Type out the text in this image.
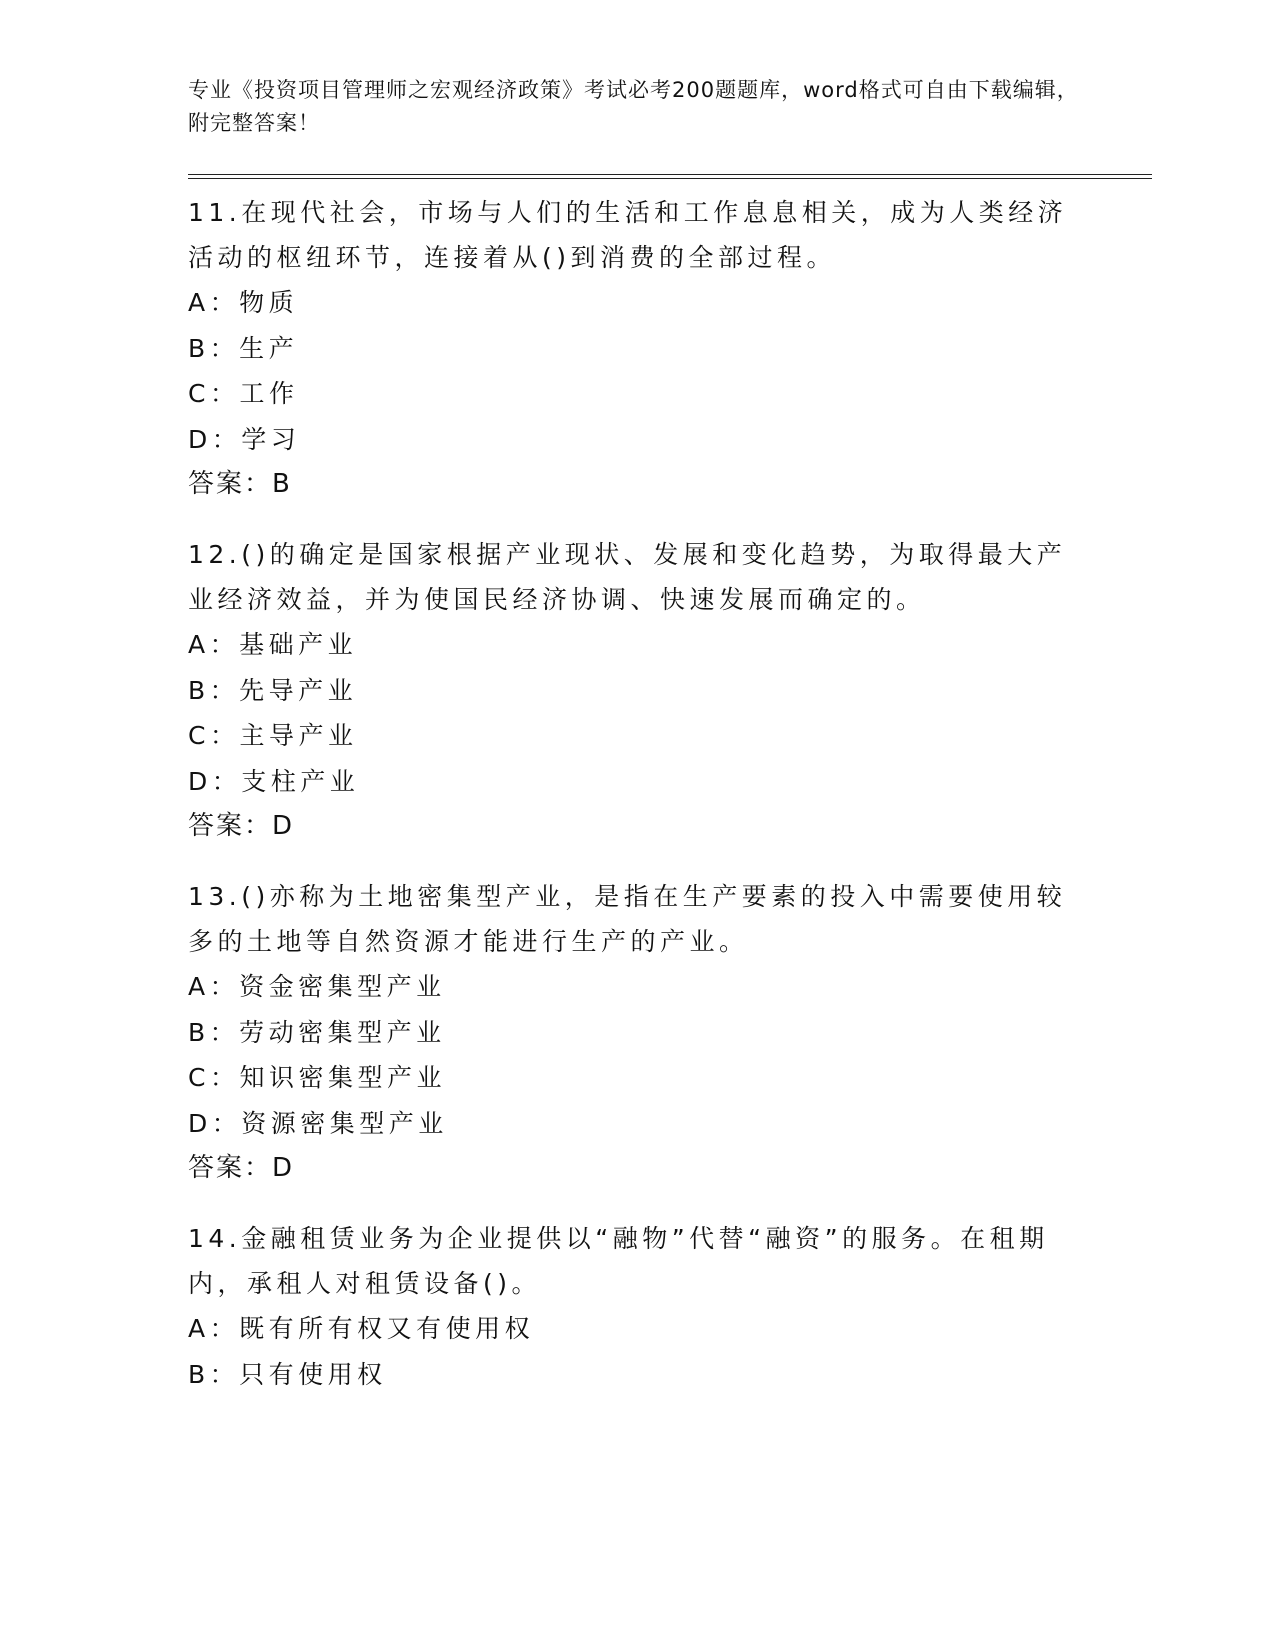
专业《投资项目管理师之宏观经济政策》考试必考200题题库，word格式可自由下载编辑，附完整答案！

11.在现代社会，市场与人们的生活和工作息息相关，成为人类经济活动的枢纽环节，连接着从()到消费的全部过程。

A：物质

B：生产

C：工作

D：学习

答案：B

12.()的确定是国家根据产业现状、发展和变化趋势，为取得最大产业经济效益，并为使国民经济协调、快速发展而确定的。

A：基础产业

B：先导产业

C：主导产业

D：支柱产业

答案：D

13.()亦称为土地密集型产业，是指在生产要素的投入中需要使用较多的土地等自然资源才能进行生产的产业。

A：资金密集型产业

B：劳动密集型产业

C：知识密集型产业

D：资源密集型产业

答案：D

14.金融租赁业务为企业提供以“融物”代替“融资”的服务。在租期内，承租人对租赁设备()。

A：既有所有权又有使用权

B：只有使用权
